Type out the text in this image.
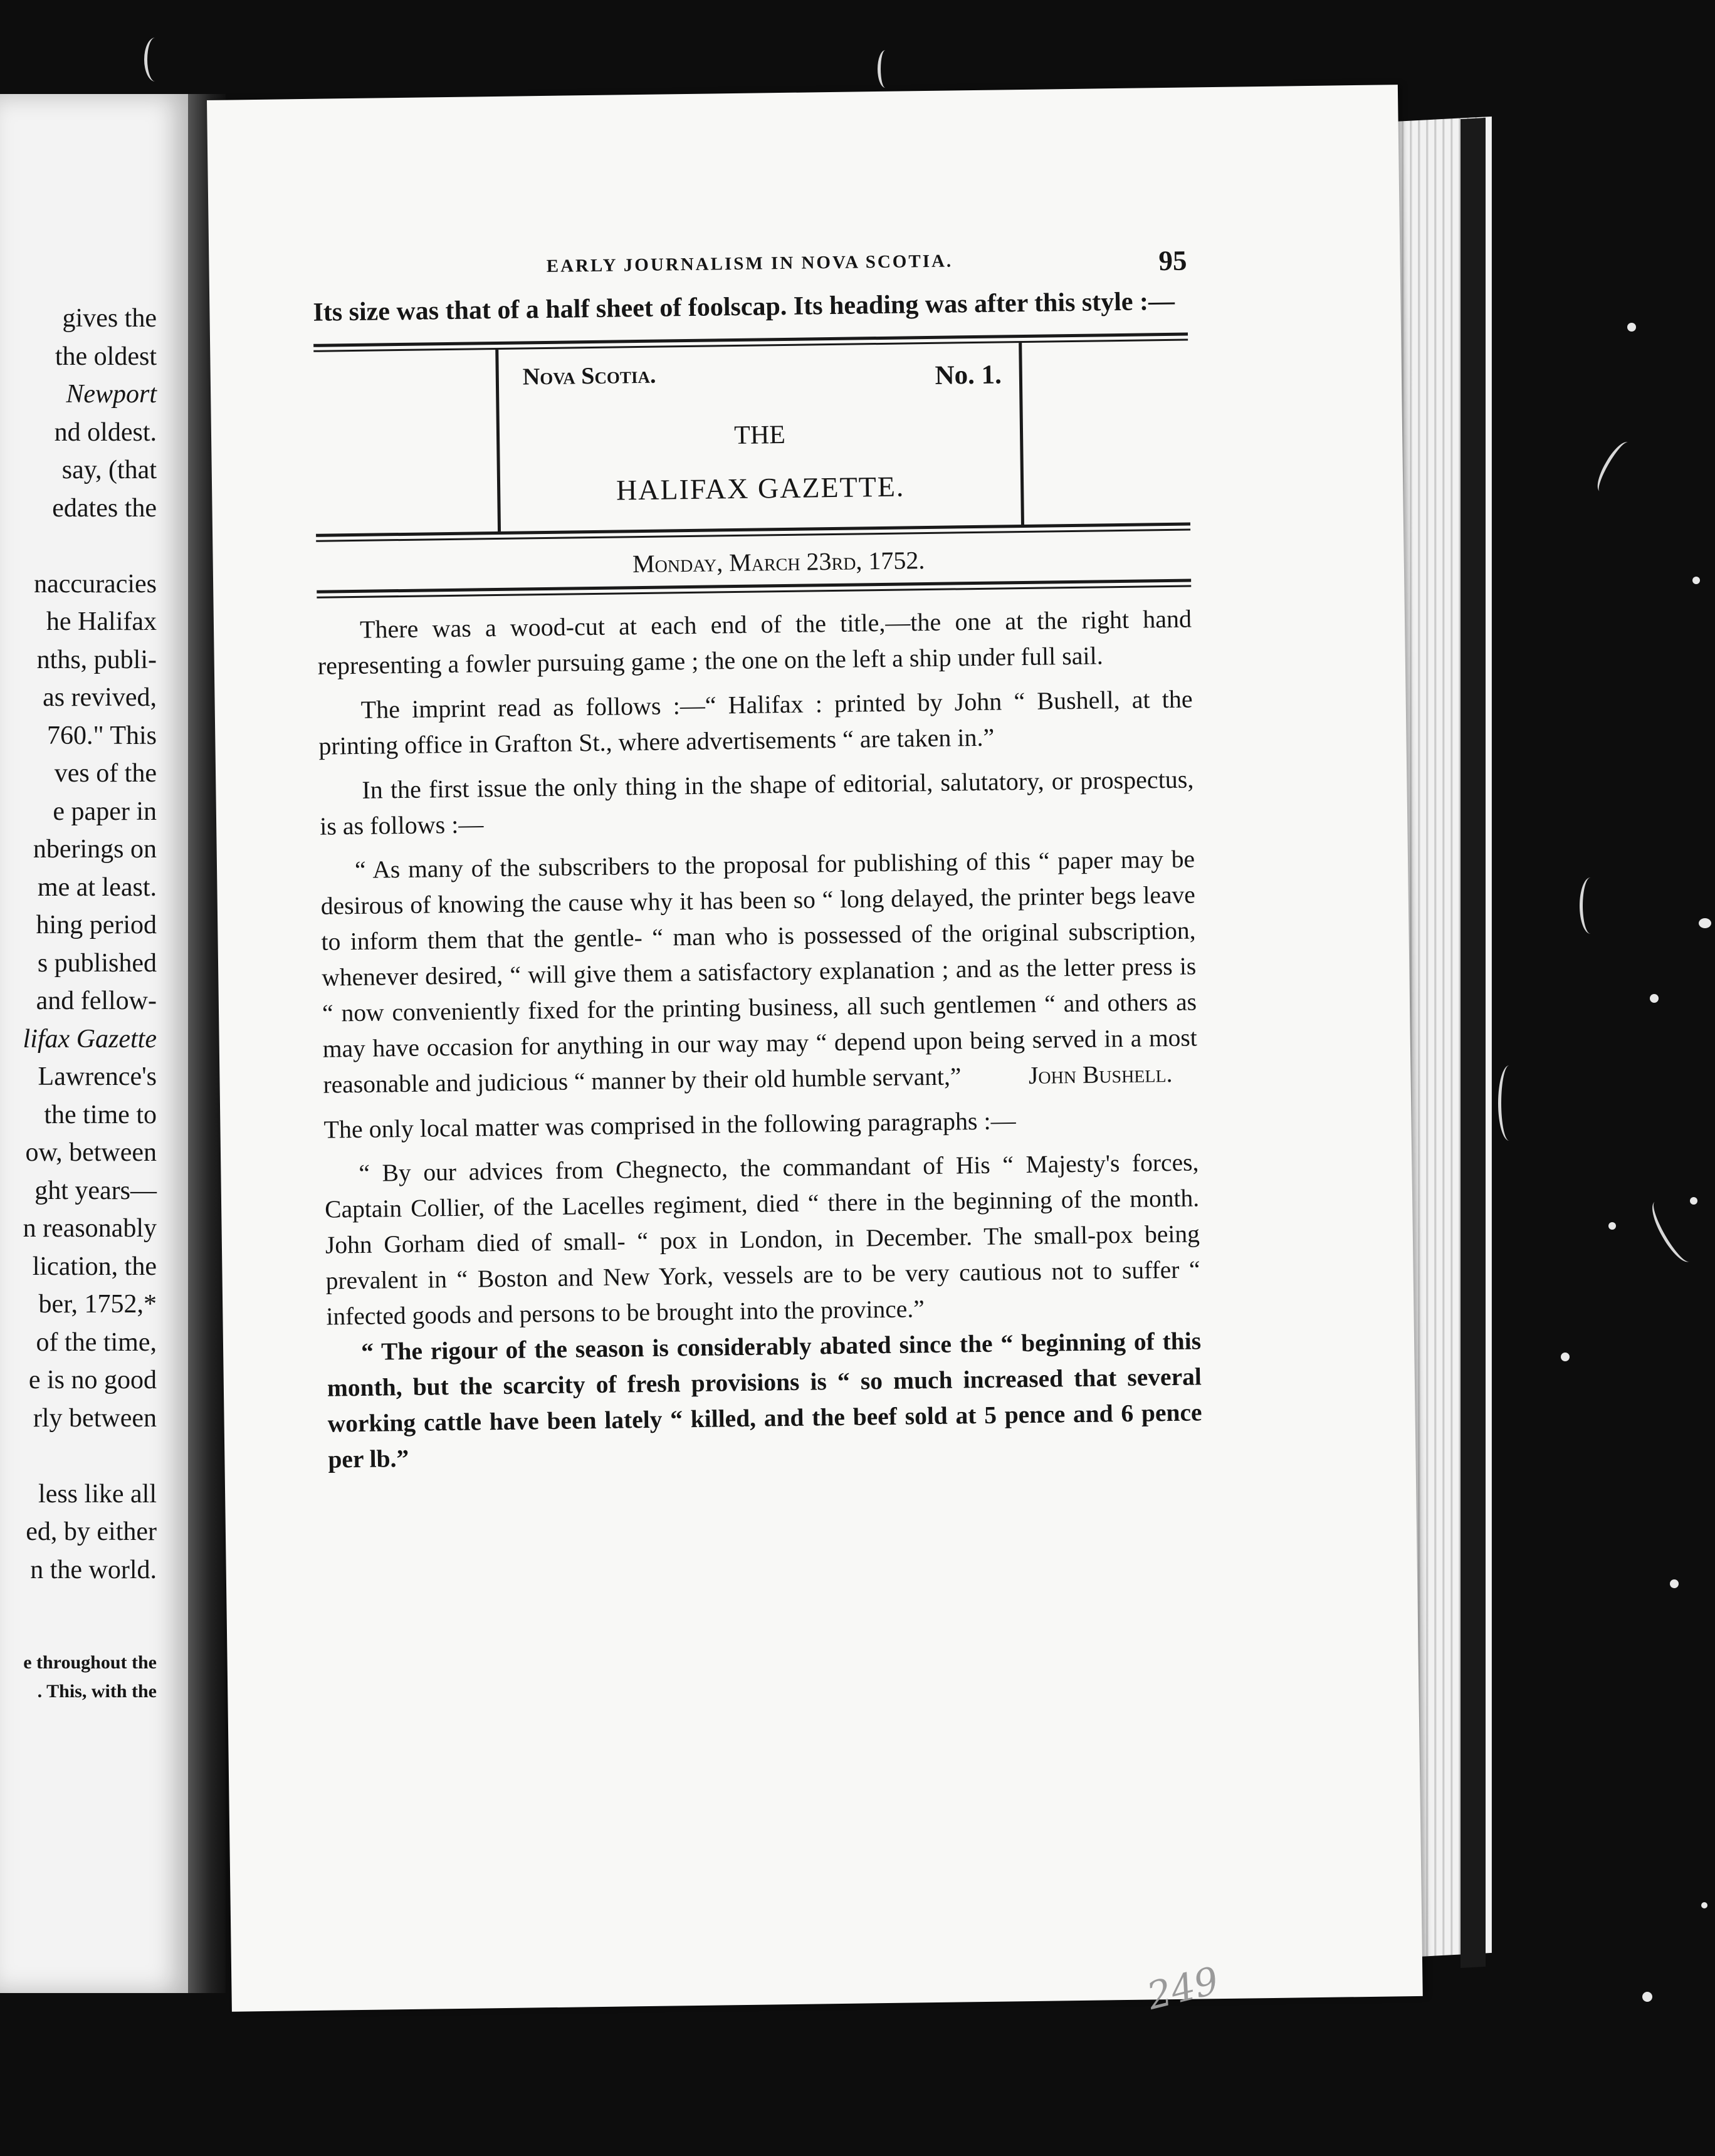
gives the
the oldest
Newport
nd oldest.
say, (that
edates the

naccuracies
he Halifax
nths, publi-
as revived,
760." This
ves of the
e paper in
nberings on
me at least.
hing period
s published
and fellow-
lifax Gazette
Lawrence's
the time to
ow, between
ght years—
n reasonably
lication, the
ber, 1752,*
of the time,
e is no good
rly between

less like all
ed, by either
n the world.
e throughout the
. This, with the
EARLY JOURNALISM IN NOVA SCOTIA.	95

Its size was that of a half sheet of foolscap. Its heading was after this style :—

Nova Scotia.	No. 1.
THE
HALIFAX GAZETTE.
Monday, March 23rd, 1752.

There was a wood-cut at each end of the title,—the one at the right hand representing a fowler pursuing game ; the one on the left a ship under full sail.

The imprint read as follows :—“ Halifax : printed by John “ Bushell, at the printing office in Grafton St., where advertisements “ are taken in.”

In the first issue the only thing in the shape of editorial, salutatory, or prospectus, is as follows :—

“ As many of the subscribers to the proposal for publishing of this “ paper may be desirous of knowing the cause why it has been so “ long delayed, the printer begs leave to inform them that the gentle- “ man who is possessed of the original subscription, whenever desired, “ will give them a satisfactory explanation ; and as the letter press is “ now conveniently fixed for the printing business, all such gentlemen “ and others as may have occasion for anything in our way may “ depend upon being served in a most reasonable and judicious “ manner by their old humble servant,”	John Bushell.

The only local matter was comprised in the following paragraphs :—

“ By our advices from Chegnecto, the commandant of His “ Majesty's forces, Captain Collier, of the Lacelles regiment, died “ there in the beginning of the month. John Gorham died of small- “ pox in London, in December. The small-pox being prevalent in “ Boston and New York, vessels are to be very cautious not to suffer “ infected goods and persons to be brought into the province.”

“ The rigour of the season is considerably abated since the “ beginning of this month, but the scarcity of fresh provisions is “ so much increased that several working cattle have been lately “ killed, and the beef sold at 5 pence and 6 pence per lb.”

249
